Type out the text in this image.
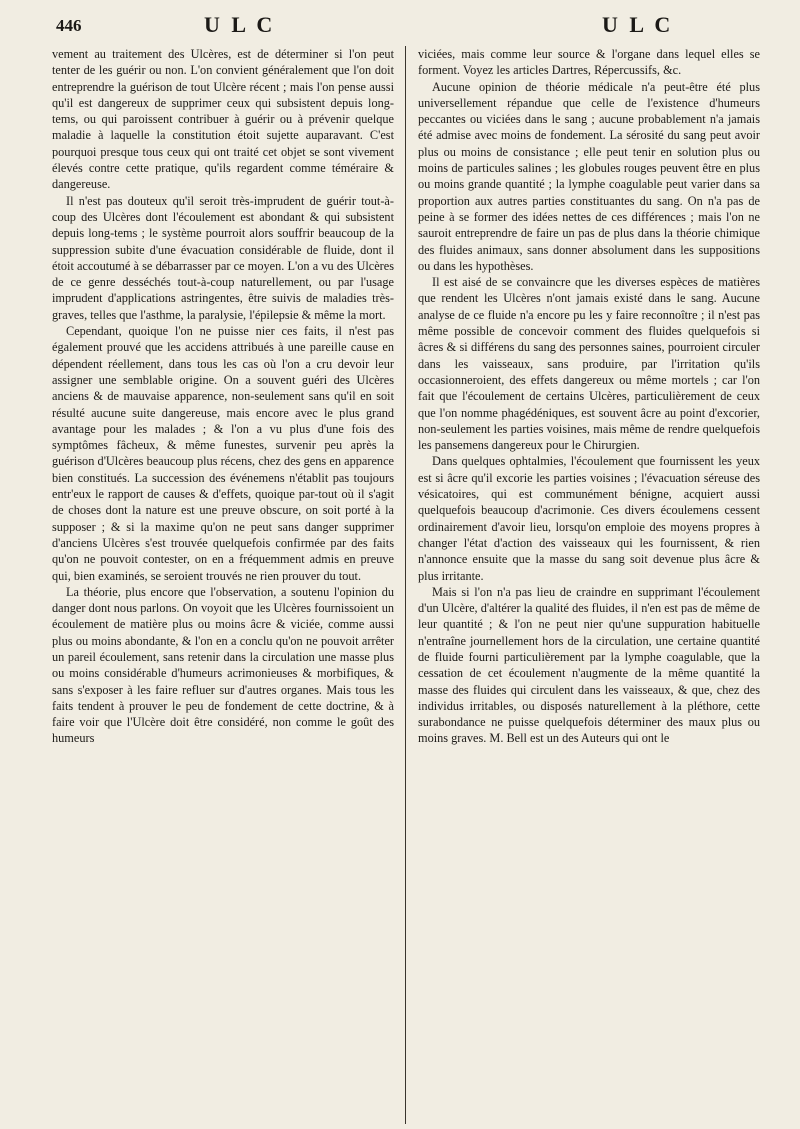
446	U L C	U L C

vement au traitement des Ulcères, est de déterminer si l'on peut tenter de les guérir ou non. L'on convient généralement que l'on doit entreprendre la guérison de tout Ulcère récent ; mais l'on pense aussi qu'il est dangereux de supprimer ceux qui subsistent depuis long-tems, ou qui paroissent contribuer à guérir ou à prévenir quelque maladie à laquelle la constitution étoit sujette auparavant. C'est pourquoi presque tous ceux qui ont traité cet objet se sont vivement élevés contre cette pratique, qu'ils regardent comme téméraire & dangereuse.

Il n'est pas douteux qu'il seroit très-imprudent de guérir tout-à-coup des Ulcères dont l'écoulement est abondant & qui subsistent depuis long-tems ; le système pourroit alors souffrir beaucoup de la suppression subite d'une évacuation considérable de fluide, dont il étoit accoutumé à se débarrasser par ce moyen. L'on a vu des Ulcères de ce genre desséchés tout-à-coup naturellement, ou par l'usage imprudent d'applications astringentes, être suivis de maladies très-graves, telles que l'asthme, la paralysie, l'épilepsie & même la mort.

Cependant, quoique l'on ne puisse nier ces faits, il n'est pas également prouvé que les accidens attribués à une pareille cause en dépendent réellement, dans tous les cas où l'on a cru devoir leur assigner une semblable origine. On a souvent guéri des Ulcères anciens & de mauvaise apparence, non-seulement sans qu'il en soit résulté aucune suite dangereuse, mais encore avec le plus grand avantage pour les malades ; & l'on a vu plus d'une fois des symptômes fâcheux, & même funestes, survenir peu après la guérison d'Ulcères beaucoup plus récens, chez des gens en apparence bien constitués. La succession des événemens n'établit pas toujours entr'eux le rapport de causes & d'effets, quoique par-tout où il s'agit de choses dont la nature est une preuve obscure, on soit porté à la supposer ; & si la maxime qu'on ne peut sans danger supprimer d'anciens Ulcères s'est trouvée quelquefois confirmée par des faits qu'on ne pouvoit contester, on en a fréquemment admis en preuve qui, bien examinés, se seroient trouvés ne rien prouver du tout.

La théorie, plus encore que l'observation, a soutenu l'opinion du danger dont nous parlons. On voyoit que les Ulcères fournissoient un écoulement de matière plus ou moins âcre & viciée, comme aussi plus ou moins abondante, & l'on en a conclu qu'on ne pouvoit arrêter un pareil écoulement, sans retenir dans la circulation une masse plus ou moins considérable d'humeurs acrimonieuses & morbifiques, & sans s'exposer à les faire refluer sur d'autres organes. Mais tous les faits tendent à prouver le peu de fondement de cette doctrine, & à faire voir que l'Ulcère doit être considéré, non comme le goût des humeurs

viciées, mais comme leur source & l'organe dans lequel elles se forment. Voyez les articles Dartres, Répercussifs, &c.

Aucune opinion de théorie médicale n'a peut-être été plus universellement répandue que celle de l'existence d'humeurs peccantes ou viciées dans le sang ; aucune probablement n'a jamais été admise avec moins de fondement. La sérosité du sang peut avoir plus ou moins de consistance ; elle peut tenir en solution plus ou moins de particules salines ; les globules rouges peuvent être en plus ou moins grande quantité ; la lymphe coagulable peut varier dans sa proportion aux autres parties constituantes du sang. On n'a pas de peine à se former des idées nettes de ces différences ; mais l'on ne sauroit entreprendre de faire un pas de plus dans la théorie chimique des fluides animaux, sans donner absolument dans les suppositions ou dans les hypothèses.

Il est aisé de se convaincre que les diverses espèces de matières que rendent les Ulcères n'ont jamais existé dans le sang. Aucune analyse de ce fluide n'a encore pu les y faire reconnoître ; il n'est pas même possible de concevoir comment des fluides quelquefois si âcres & si différens du sang des personnes saines, pourroient circuler dans les vaisseaux, sans produire, par l'irritation qu'ils occasionneroient, des effets dangereux ou même mortels ; car l'on fait que l'écoulement de certains Ulcères, particulièrement de ceux que l'on nomme phagédéniques, est souvent âcre au point d'excorier, non-seulement les parties voisines, mais même de rendre quelquefois les pansemens dangereux pour le Chirurgien.

Dans quelques ophtalmies, l'écoulement que fournissent les yeux est si âcre qu'il excorie les parties voisines ; l'évacuation séreuse des vésicatoires, qui est communément bénigne, acquiert aussi quelquefois beaucoup d'acrimonie. Ces divers écoulemens cessent ordinairement d'avoir lieu, lorsqu'on emploie des moyens propres à changer l'état d'action des vaisseaux qui les fournissent, & rien n'annonce ensuite que la masse du sang soit devenue plus âcre & plus irritante.

Mais si l'on n'a pas lieu de craindre en supprimant l'écoulement d'un Ulcère, d'altérer la qualité des fluides, il n'en est pas de même de leur quantité ; & l'on ne peut nier qu'une suppuration habituelle n'entraîne journellement hors de la circulation, une certaine quantité de fluide fourni particulièrement par la lymphe coagulable, que la cessation de cet écoulement n'augmente de la même quantité la masse des fluides qui circulent dans les vaisseaux, & que, chez des individus irritables, ou disposés naturellement à la pléthore, cette surabondance ne puisse quelquefois déterminer des maux plus ou moins graves. M. Bell est un des Auteurs qui ont le
